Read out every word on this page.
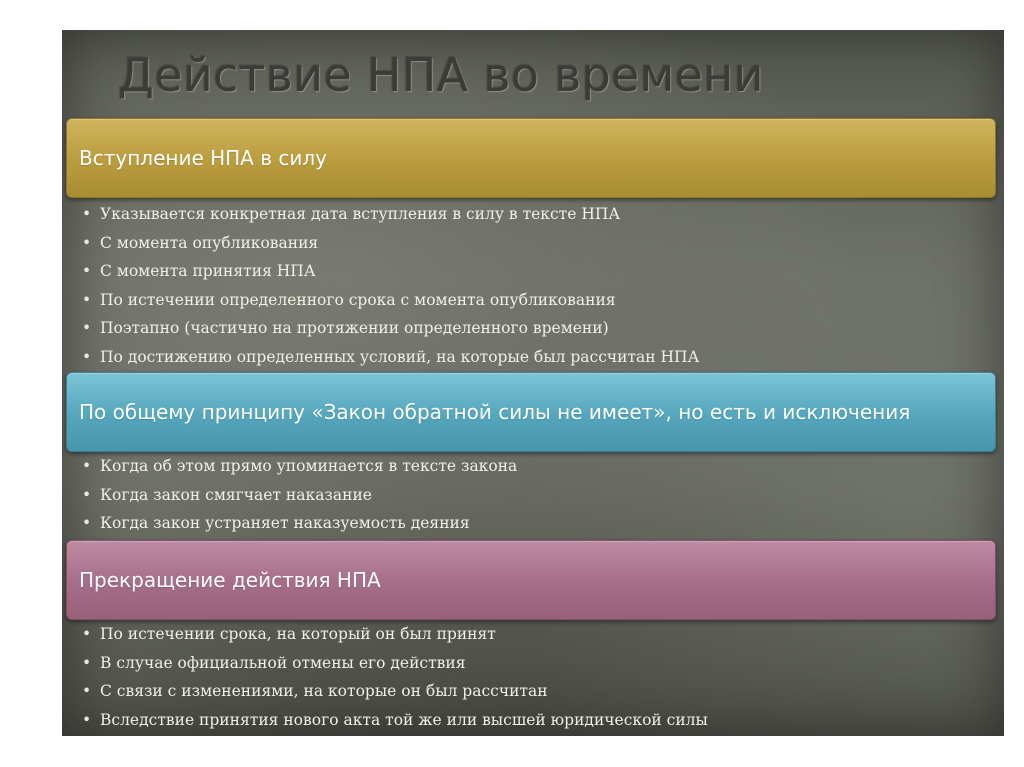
Действие НПА во времени
Вступление НПА в силу
• Указывается конкретная дата вступления в силу в тексте НПА
• С момента опубликования
• С момента принятия НПА
• По истечении определенного срока с момента опубликования
• Поэтапно (частично на протяжении определенного времени)
• По достижению определенных условий, на которые был рассчитан НПА
По общему принципу «Закон обратной силы не имеет», но есть и исключения
• Когда об этом прямо упоминается в тексте закона
• Когда закон смягчает наказание
• Когда закон устраняет наказуемость деяния
Прекращение действия НПА
• По истечении срока, на который он был принят
• В случае официальной отмены его действия
• С связи с изменениями, на которые он был рассчитан
• Вследствие принятия нового акта той же или высшей юридической силы
